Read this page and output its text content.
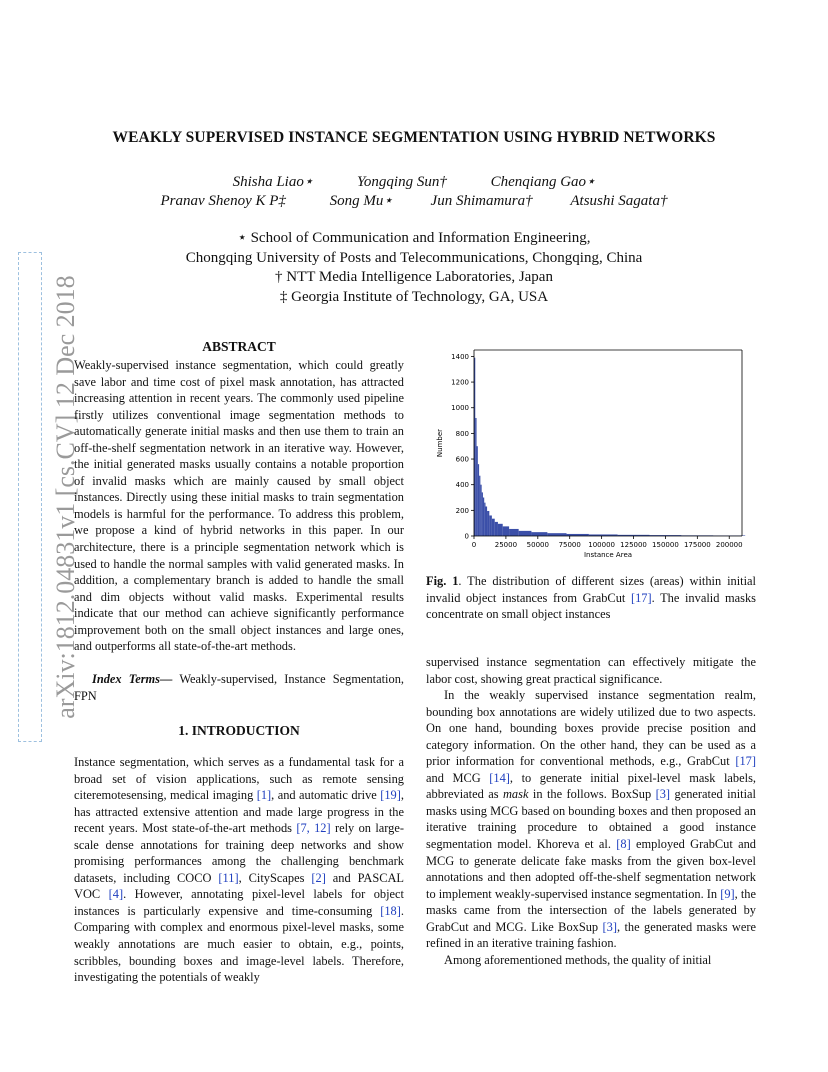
arXiv:1812.04831v1 [cs.CV] 12 Dec 2018
WEAKLY SUPERVISED INSTANCE SEGMENTATION USING HYBRID NETWORKS
Shisha Liao⋆	Yongqing Sun†	Chenqiang Gao⋆
Pranav Shenoy K P‡	Song Mu⋆	Jun Shimamura†	Atsushi Sagata†
⋆ School of Communication and Information Engineering,
Chongqing University of Posts and Telecommunications, Chongqing, China
† NTT Media Intelligence Laboratories, Japan
‡ Georgia Institute of Technology, GA, USA
ABSTRACT

Weakly-supervised instance segmentation, which could greatly save labor and time cost of pixel mask annotation, has attracted increasing attention in recent years. The commonly used pipeline firstly utilizes conventional image segmentation methods to automatically generate initial masks and then use them to train an off-the-shelf segmentation network in an iterative way. However, the initial generated masks usually contains a notable proportion of invalid masks which are mainly caused by small object instances. Directly using these initial masks to train segmentation models is harmful for the performance. To address this problem, we propose a kind of hybrid networks in this paper. In our architecture, there is a principle segmentation network which is used to handle the normal samples with valid generated masks. In addition, a complementary branch is added to handle the small and dim objects without valid masks. Experimental results indicate that our method can achieve significantly performance improvement both on the small object instances and large ones, and outperforms all state-of-the-art methods.

Index Terms— Weakly-supervised, Instance Segmentation, FPN

1. INTRODUCTION

Instance segmentation, which serves as a fundamental task for a broad set of vision applications, such as remote sensing citeremotesensing, medical imaging [1], and automatic drive [19], has attracted extensive attention and made large progress in the recent years. Most state-of-the-art methods [7, 12] rely on large-scale dense annotations for training deep networks and show promising performances among the challenging benchmark datasets, including COCO [11], CityScapes [2] and PASCAL VOC [4]. However, annotating pixel-level labels for object instances is particularly expensive and time-consuming [18]. Comparing with complex and enormous pixel-level masks, some weakly annotations are much easier to obtain, e.g., points, scribbles, bounding boxes and image-level labels. Therefore, investigating the potentials of weakly

0
200
400
600
800
1000
1200
1400
0	25000 50000 75000 100000 125000 150000 175000 200000
Instance Area
Number

Fig. 1. The distribution of different sizes (areas) within initial invalid object instances from GrabCut [17]. The invalid masks concentrate on small object instances

supervised instance segmentation can effectively mitigate the labor cost, showing great practical significance.

In the weakly supervised instance segmentation realm, bounding box annotations are widely utilized due to two aspects. On one hand, bounding boxes provide precise position and category information. On the other hand, they can be used as a prior information for conventional methods, e.g., GrabCut [17] and MCG [14], to generate initial pixel-level mask labels, abbreviated as mask in the follows. BoxSup [3] generated initial masks using MCG based on bounding boxes and then proposed an iterative training procedure to obtained a good instance segmentation model. Khoreva et al. [8] employed GrabCut and MCG to generate delicate fake masks from the given box-level annotations and then adopted off-the-shelf segmentation network to implement weakly-supervised instance segmentation. In [9], the masks came from the intersection of the labels generated by GrabCut and MCG. Like BoxSup [3], the generated masks were refined in an iterative training fashion.

Among aforementioned methods, the quality of initial
